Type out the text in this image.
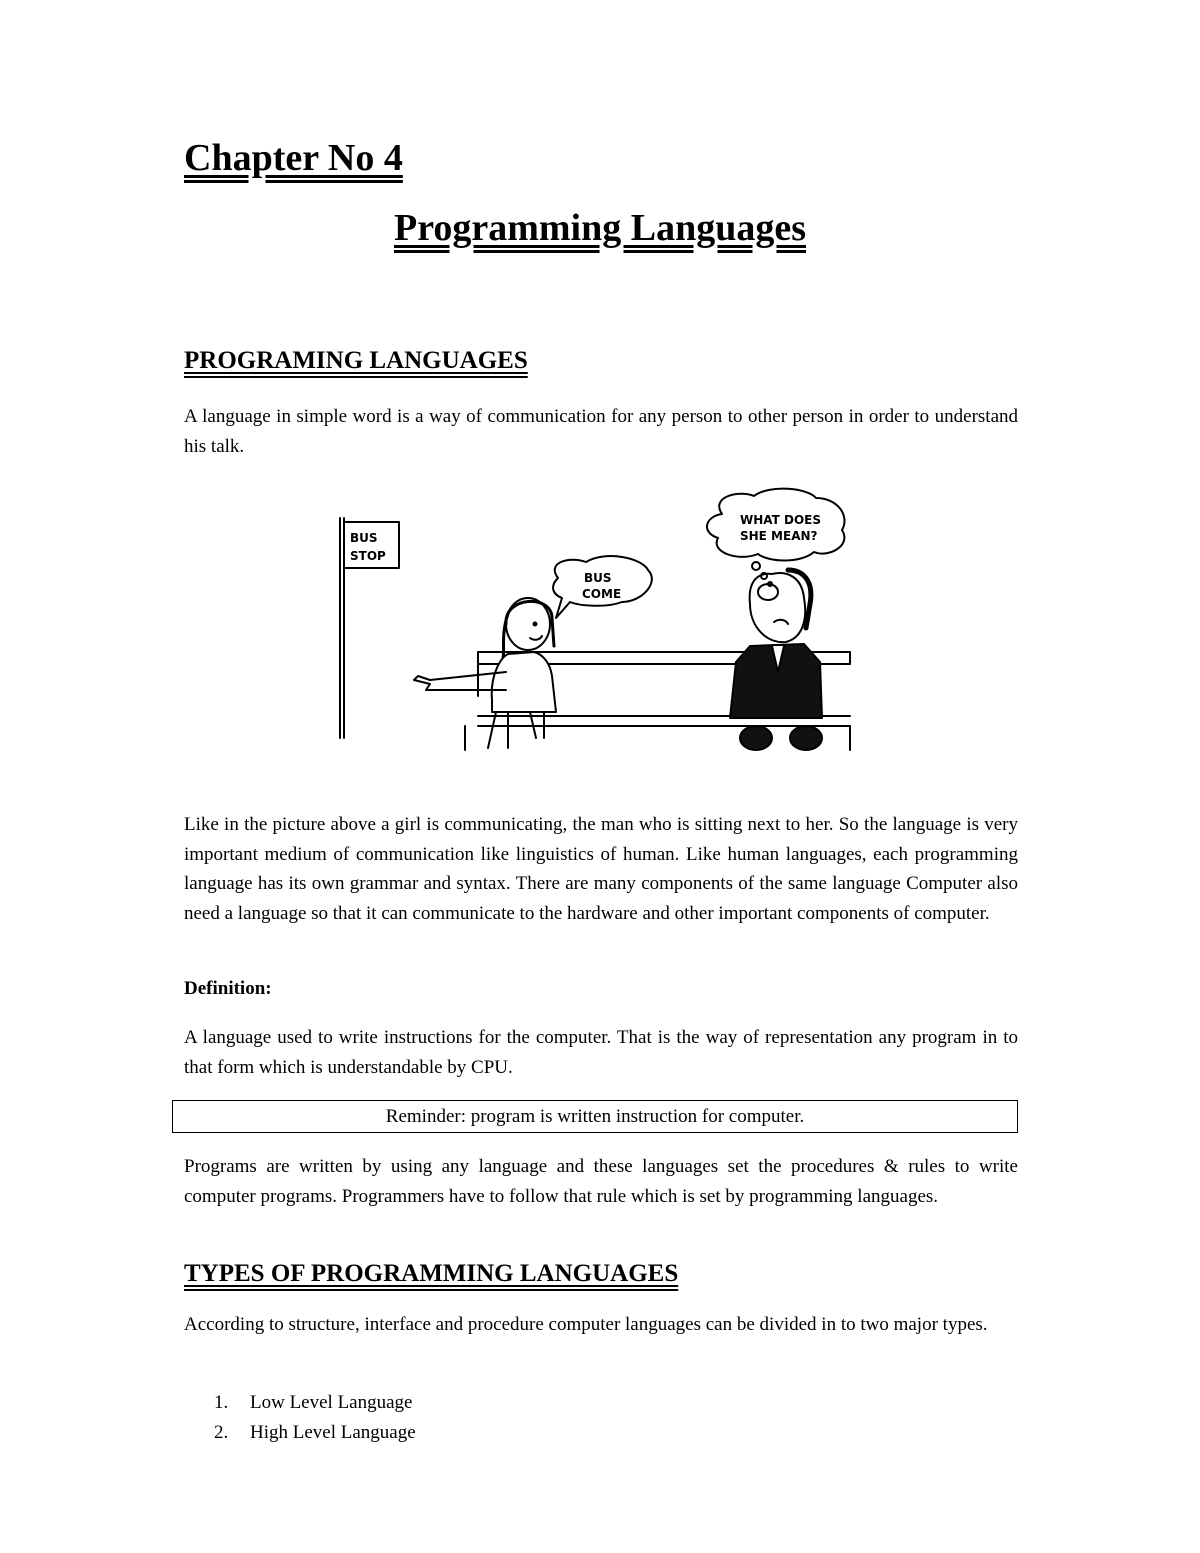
Chapter No 4
Programming Languages
PROGRAMING LANGUAGES

A language in simple word is a way of communication for any person to other person in order to understand his talk.

BUS
STOP
BUS
COME
WHAT DOES
SHE MEAN?

Like in the picture above a girl is communicating, the man who is sitting next to her. So the language is very important medium of communication like linguistics of human. Like human languages, each programming language has its own grammar and syntax. There are many components of the same language Computer also need a language so that it can communicate to the hardware and other important components of computer.

Definition:

A language used to write instructions for the computer. That is the way of representation any program in to that form which is understandable by CPU.

Reminder: program is written instruction for computer.

Programs are written by using any language and these languages set the procedures & rules to write computer programs. Programmers have to follow that rule which is set by programming languages.

TYPES OF PROGRAMMING LANGUAGES

According to structure, interface and procedure computer languages can be divided in to two major types.

1.	Low Level Language
2.	High Level Language
